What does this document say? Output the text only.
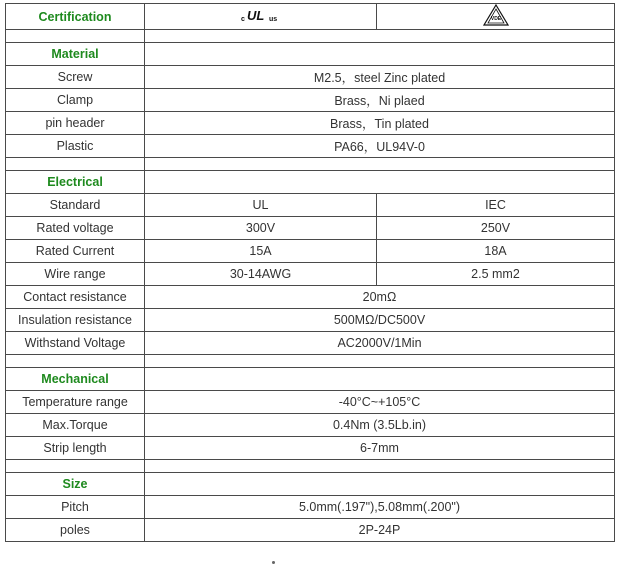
Certification	c UL us	VDE

Material		
Screw	M2.5，steel Zinc plated	
Clamp	Brass，Ni plaed	
pin header	Brass，Tin plated	
Plastic	PA66，UL94V-0	

Electrical		
Standard	UL	IEC
Rated voltage	300V	250V
Rated Current	15A	18A
Wire range	30-14AWG	2.5 mm2
Contact resistance	20mΩ	
Insulation resistance	500MΩ/DC500V	
Withstand Voltage	AC2000V/1Min	

Mechanical		
Temperature range	-40°C~+105°C	
Max.Torque	0.4Nm (3.5Lb.in)	
Strip length	6-7mm	

Size		
Pitch	5.0mm(.197"),5.08mm(.200")	
poles	2P-24P	
